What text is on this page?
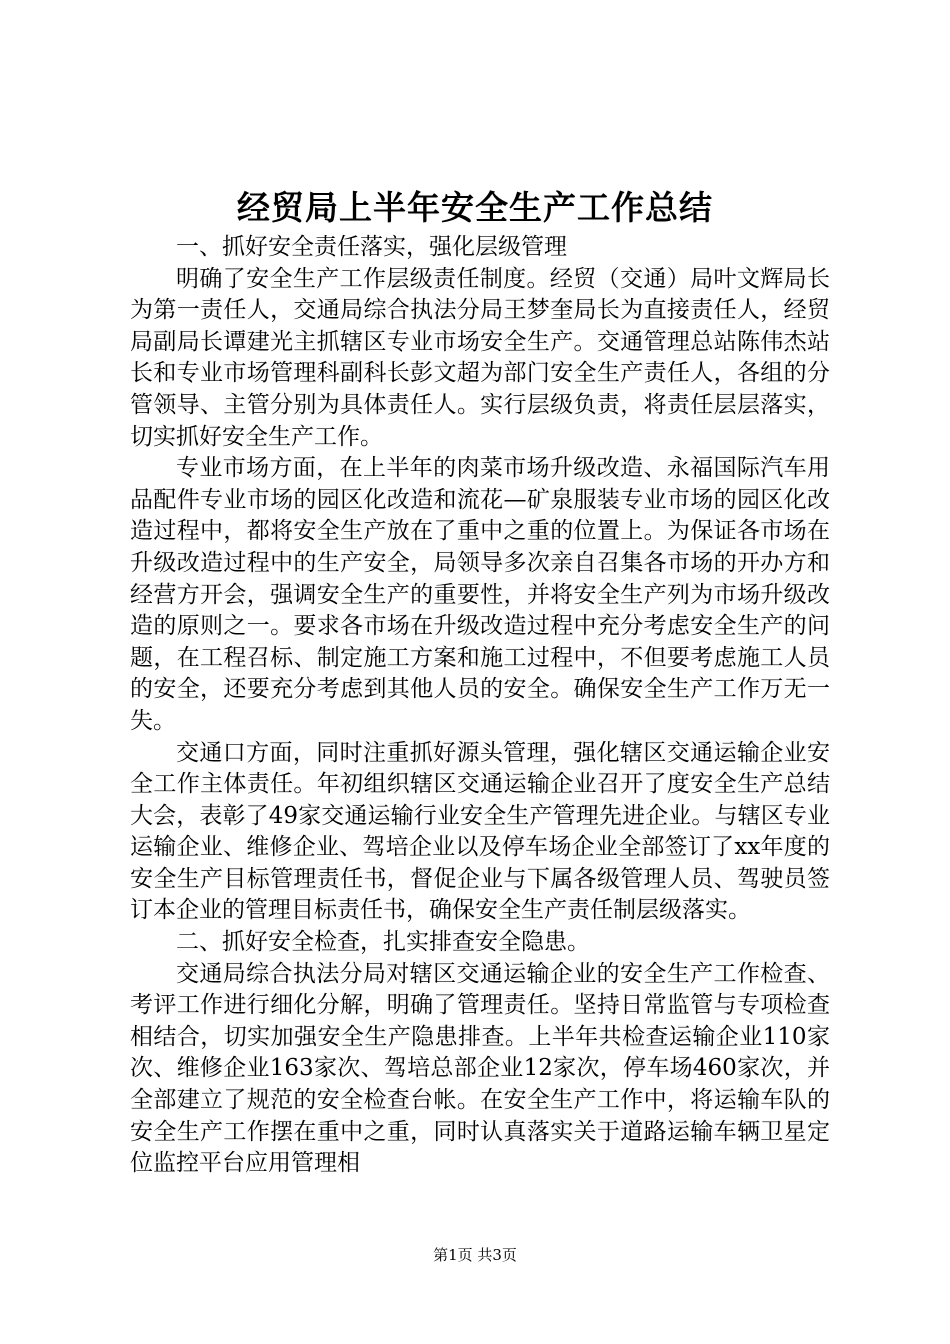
经贸局上半年安全生产工作总结

一、抓好安全责任落实，强化层级管理

明确了安全生产工作层级责任制度。经贸（交通）局叶文辉局长为第一责任人，交通局综合执法分局王梦奎局长为直接责任人，经贸局副局长谭建光主抓辖区专业市场安全生产。交通管理总站陈伟杰站长和专业市场管理科副科长彭文超为部门安全生产责任人，各组的分管领导、主管分别为具体责任人。实行层级负责，将责任层层落实，切实抓好安全生产工作。

专业市场方面，在上半年的肉菜市场升级改造、永福国际汽车用品配件专业市场的园区化改造和流花—矿泉服装专业市场的园区化改造过程中，都将安全生产放在了重中之重的位置上。为保证各市场在升级改造过程中的生产安全，局领导多次亲自召集各市场的开办方和经营方开会，强调安全生产的重要性，并将安全生产列为市场升级改造的原则之一。要求各市场在升级改造过程中充分考虑安全生产的问题，在工程召标、制定施工方案和施工过程中，不但要考虑施工人员的安全，还要充分考虑到其他人员的安全。确保安全生产工作万无一失。

交通口方面，同时注重抓好源头管理，强化辖区交通运输企业安全工作主体责任。年初组织辖区交通运输企业召开了度安全生产总结大会，表彰了49家交通运输行业安全生产管理先进企业。与辖区专业运输企业、维修企业、驾培企业以及停车场企业全部签订了xx年度的安全生产目标管理责任书，督促企业与下属各级管理人员、驾驶员签订本企业的管理目标责任书，确保安全生产责任制层级落实。

二、抓好安全检查，扎实排查安全隐患。

交通局综合执法分局对辖区交通运输企业的安全生产工作检查、考评工作进行细化分解，明确了管理责任。坚持日常监管与专项检查相结合，切实加强安全生产隐患排查。上半年共检查运输企业110家次、维修企业163家次、驾培总部企业12家次，停车场460家次，并全部建立了规范的安全检查台帐。在安全生产工作中，将运输车队的安全生产工作摆在重中之重，同时认真落实关于道路运输车辆卫星定位监控平台应用管理相

第1页 共3页
